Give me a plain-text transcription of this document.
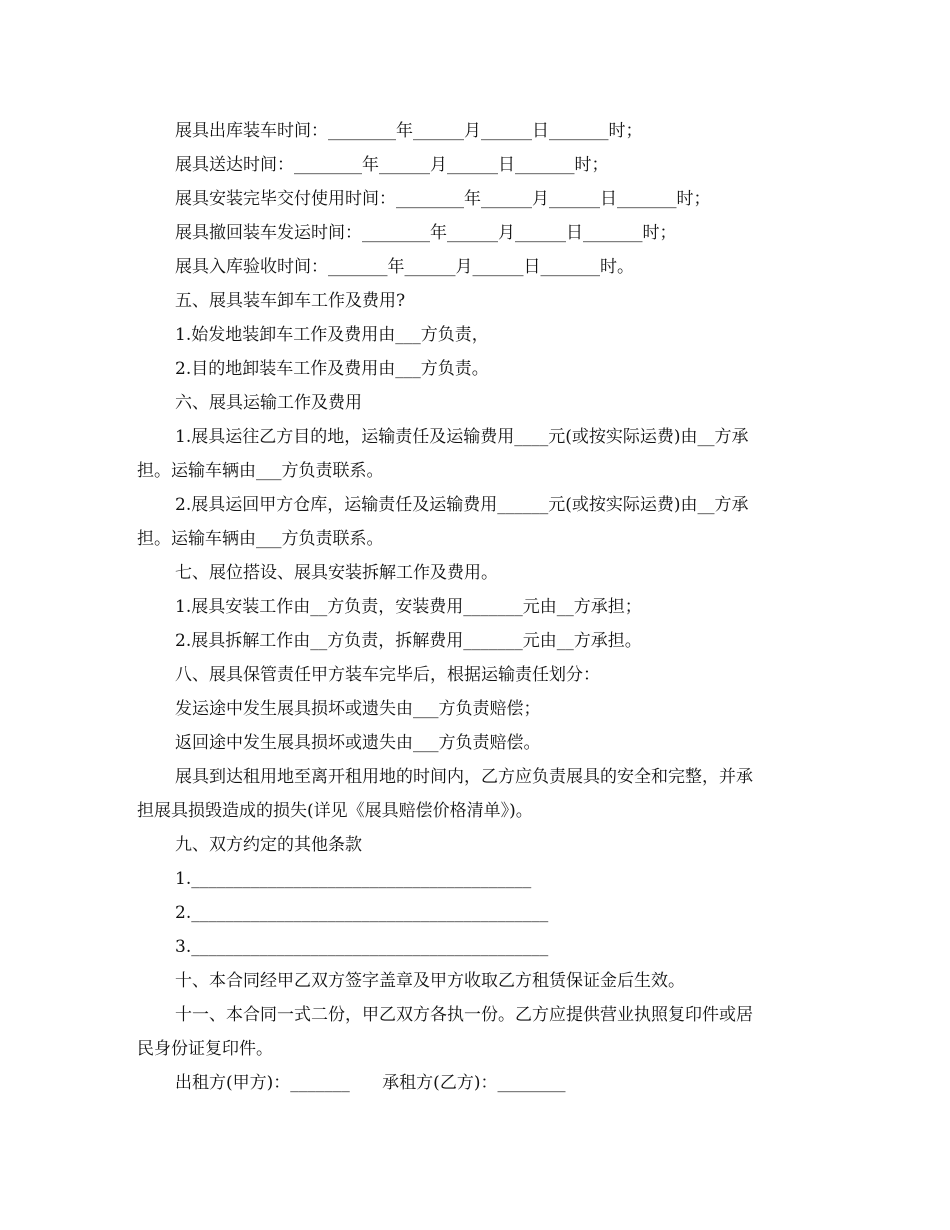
展具出库装车时间：________年______月______日_______时；
展具送达时间：________年______月______日_______时；
展具安装完毕交付使用时间：________年______月______日_______时；
展具撤回装车发运时间：________年______月______日_______时；
展具入库验收时间：_______年______月______日_______时。
五、展具装车卸车工作及费用?
1.始发地装卸车工作及费用由___方负责，
2.目的地卸装车工作及费用由___方负责。
六、展具运输工作及费用
1.展具运往乙方目的地，运输责任及运输费用____元(或按实际运费)由__方承
担。运输车辆由___方负责联系。
2.展具运回甲方仓库，运输责任及运输费用______元(或按实际运费)由__方承
担。运输车辆由___方负责联系。
七、展位搭设、展具安装拆解工作及费用。
1.展具安装工作由__方负责，安装费用_______元由__方承担；
2.展具拆解工作由__方负责，拆解费用_______元由__方承担。
八、展具保管责任甲方装车完毕后，根据运输责任划分：
发运途中发生展具损坏或遗失由___方负责赔偿；
返回途中发生展具损坏或遗失由___方负责赔偿。
展具到达租用地至离开租用地的时间内，乙方应负责展具的安全和完整，并承
担展具损毁造成的损失(详见《展具赔偿价格清单》)。
九、双方约定的其他条款
1.________________________________________
2.__________________________________________
3.__________________________________________
十、本合同经甲乙双方签字盖章及甲方收取乙方租赁保证金后生效。
十一、本合同一式二份，甲乙双方各执一份。乙方应提供营业执照复印件或居
民身份证复印件。
出租方(甲方)：_______      承租方(乙方)：________
